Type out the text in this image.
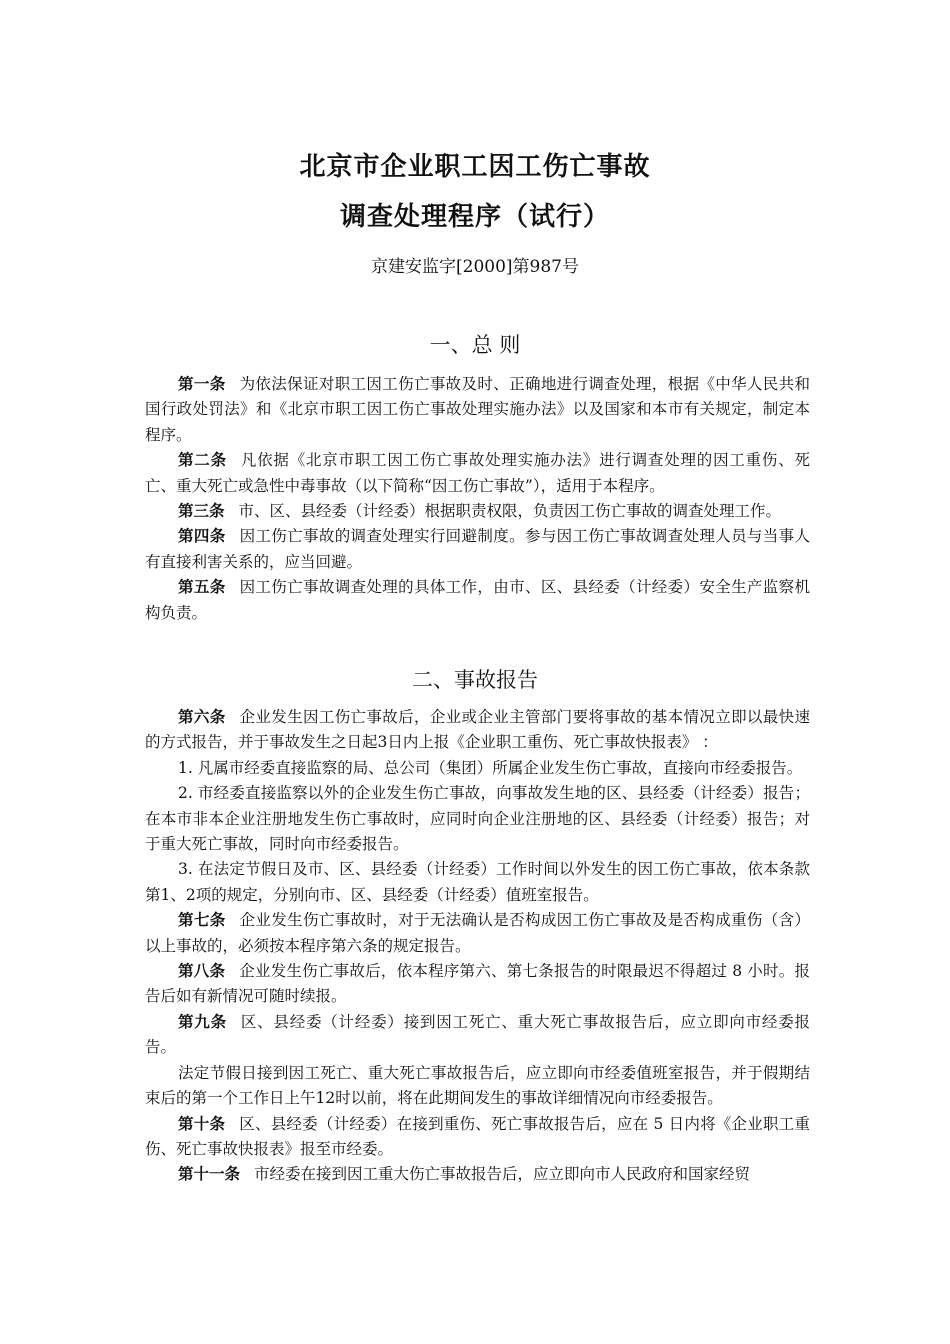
北京市企业职工因工伤亡事故
调查处理程序（试行）
京建安监字[2000]第987号
一、总 则

第一条 为依法保证对职工因工伤亡事故及时、正确地进行调查处理，根据《中华人民共和国行政处罚法》和《北京市职工因工伤亡事故处理实施办法》以及国家和本市有关规定，制定本程序。

第二条 凡依据《北京市职工因工伤亡事故处理实施办法》进行调查处理的因工重伤、死亡、重大死亡或急性中毒事故（以下简称“因工伤亡事故”），适用于本程序。

第三条 市、区、县经委（计经委）根据职责权限，负责因工伤亡事故的调查处理工作。

第四条 因工伤亡事故的调查处理实行回避制度。参与因工伤亡事故调查处理人员与当事人有直接利害关系的，应当回避。

第五条 因工伤亡事故调查处理的具体工作，由市、区、县经委（计经委）安全生产监察机构负责。

二、事故报告

第六条 企业发生因工伤亡事故后，企业或企业主管部门要将事故的基本情况立即以最快速的方式报告，并于事故发生之日起3日内上报《企业职工重伤、死亡事故快报表》 ：

1. 凡属市经委直接监察的局、总公司（集团）所属企业发生伤亡事故，直接向市经委报告。

2. 市经委直接监察以外的企业发生伤亡事故，向事故发生地的区、县经委（计经委）报告；在本市非本企业注册地发生伤亡事故时，应同时向企业注册地的区、县经委（计经委）报告；对于重大死亡事故，同时向市经委报告。

3. 在法定节假日及市、区、县经委（计经委）工作时间以外发生的因工伤亡事故，依本条款第1、2项的规定，分别向市、区、县经委（计经委）值班室报告。

第七条 企业发生伤亡事故时，对于无法确认是否构成因工伤亡事故及是否构成重伤（含）以上事故的，必须按本程序第六条的规定报告。

第八条 企业发生伤亡事故后，依本程序第六、第七条报告的时限最迟不得超过 8 小时。报告后如有新情况可随时续报。

第九条 区、县经委（计经委）接到因工死亡、重大死亡事故报告后，应立即向市经委报告。

法定节假日接到因工死亡、重大死亡事故报告后，应立即向市经委值班室报告，并于假期结束后的第一个工作日上午12时以前，将在此期间发生的事故详细情况向市经委报告。

第十条 区、县经委（计经委）在接到重伤、死亡事故报告后，应在 5 日内将《企业职工重伤、死亡事故快报表》报至市经委。

第十一条 市经委在接到因工重大伤亡事故报告后，应立即向市人民政府和国家经贸
